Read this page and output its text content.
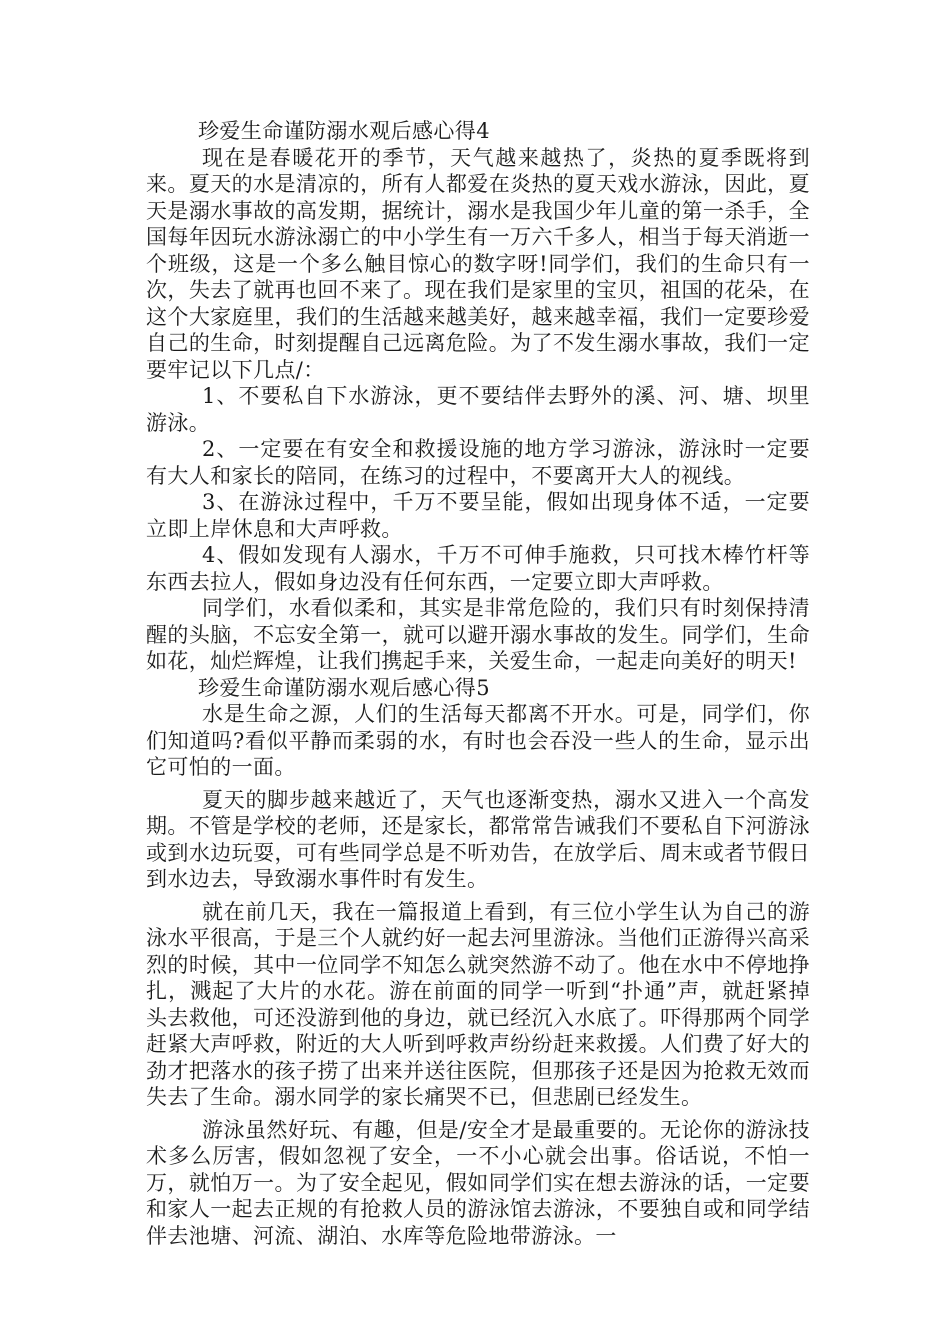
珍爱生命谨防溺水观后感心得4

现在是春暖花开的季节，天气越来越热了，炎热的夏季既将到来。夏天的水是清凉的，所有人都爱在炎热的夏天戏水游泳，因此，夏天是溺水事故的高发期，据统计，溺水是我国少年儿童的第一杀手，全国每年因玩水游泳溺亡的中小学生有一万六千多人，相当于每天消逝一个班级，这是一个多么触目惊心的数字呀!同学们，我们的生命只有一次，失去了就再也回不来了。现在我们是家里的宝贝，祖国的花朵，在这个大家庭里，我们的生活越来越美好，越来越幸福，我们一定要珍爱自己的生命，时刻提醒自己远离危险。为了不发生溺水事故，我们一定要牢记以下几点/：

1、不要私自下水游泳，更不要结伴去野外的溪、河、塘、坝里游泳。

2、一定要在有安全和救援设施的地方学习游泳，游泳时一定要有大人和家长的陪同，在练习的过程中，不要离开大人的视线。

3、在游泳过程中，千万不要呈能，假如出现身体不适，一定要立即上岸休息和大声呼救。

4、假如发现有人溺水，千万不可伸手施救，只可找木棒竹杆等东西去拉人，假如身边没有任何东西，一定要立即大声呼救。

同学们，水看似柔和，其实是非常危险的，我们只有时刻保持清醒的头脑，不忘安全第一，就可以避开溺水事故的发生。同学们，生命如花，灿烂辉煌，让我们携起手来，关爱生命，一起走向美好的明天!

珍爱生命谨防溺水观后感心得5

水是生命之源，人们的生活每天都离不开水。可是，同学们，你们知道吗?看似平静而柔弱的水，有时也会吞没一些人的生命，显示出它可怕的一面。

夏天的脚步越来越近了，天气也逐渐变热，溺水又进入一个高发期。不管是学校的老师，还是家长，都常常告诫我们不要私自下河游泳或到水边玩耍，可有些同学总是不听劝告，在放学后、周末或者节假日到水边去，导致溺水事件时有发生。

就在前几天，我在一篇报道上看到，有三位小学生认为自己的游泳水平很高，于是三个人就约好一起去河里游泳。当他们正游得兴高采烈的时候，其中一位同学不知怎么就突然游不动了。他在水中不停地挣扎，溅起了大片的水花。游在前面的同学一听到“扑通”声，就赶紧掉头去救他，可还没游到他的身边，就已经沉入水底了。吓得那两个同学赶紧大声呼救，附近的大人听到呼救声纷纷赶来救援。人们费了好大的劲才把落水的孩子捞了出来并送往医院，但那孩子还是因为抢救无效而失去了生命。溺水同学的家长痛哭不已，但悲剧已经发生。

游泳虽然好玩、有趣，但是/安全才是最重要的。无论你的游泳技术多么厉害，假如忽视了安全，一不小心就会出事。俗话说，不怕一万，就怕万一。为了安全起见，假如同学们实在想去游泳的话，一定要和家人一起去正规的有抢救人员的游泳馆去游泳，不要独自或和同学结伴去池塘、河流、湖泊、水库等危险地带游泳。一
